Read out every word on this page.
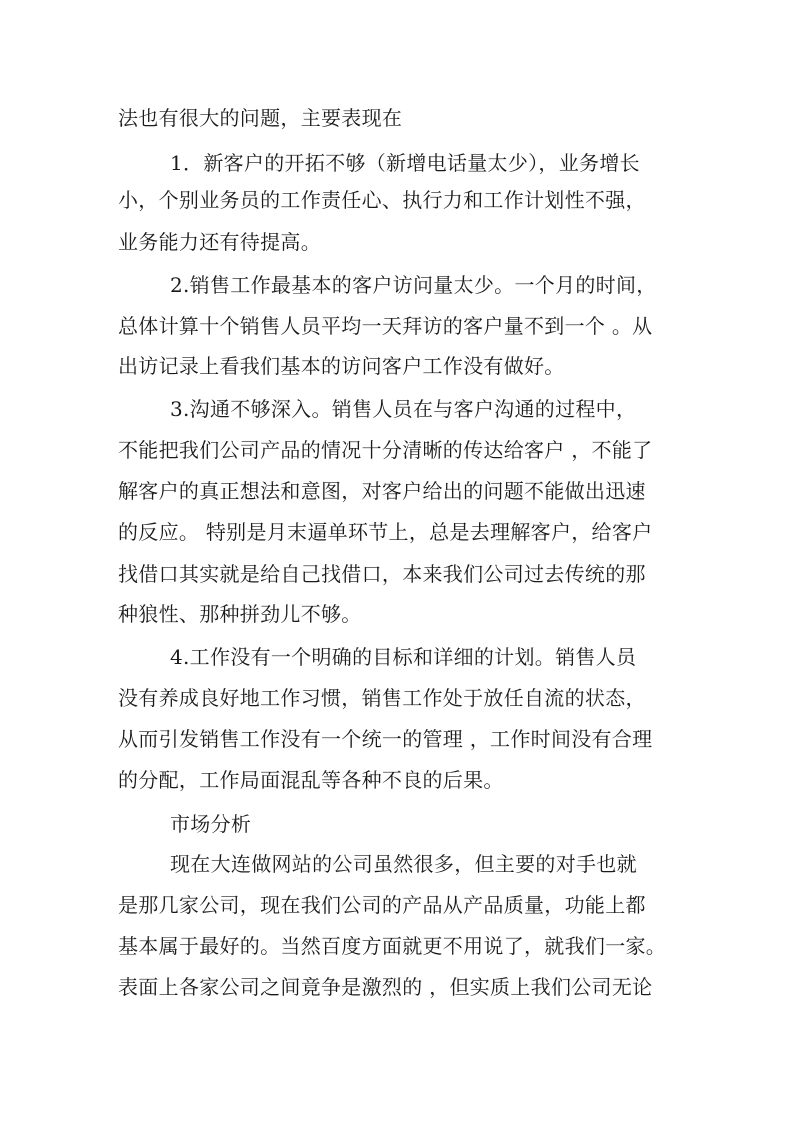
法也有很大的问题，主要表现在
1．新客户的开拓不够（新增电话量太少），业务增长
小，个别业务员的工作责任心、执行力和工作计划性不强，
业务能力还有待提高。
2.销售工作最基本的客户访问量太少。一个月的时间，
总体计算十个销售人员平均一天拜访的客户量不到一个 。从
出访记录上看我们基本的访问客户工作没有做好。
3.沟通不够深入。销售人员在与客户沟通的过程中，
不能把我们公司产品的情况十分清晰的传达给客户 ，不能了
解客户的真正想法和意图，对客户给出的问题不能做出迅速
的反应。 特别是月末逼单环节上，总是去理解客户，给客户
找借口其实就是给自己找借口，本来我们公司过去传统的那
种狼性、那种拼劲儿不够。
4.工作没有一个明确的目标和详细的计划。销售人员
没有养成良好地工作习惯，销售工作处于放任自流的状态，
从而引发销售工作没有一个统一的管理 ，工作时间没有合理
的分配，工作局面混乱等各种不良的后果。
市场分析
现在大连做网站的公司虽然很多，但主要的对手也就
是那几家公司，现在我们公司的产品从产品质量，功能上都
基本属于最好的。当然百度方面就更不用说了，就我们一家。
表面上各家公司之间竟争是激烈的 ，但实质上我们公司无论
